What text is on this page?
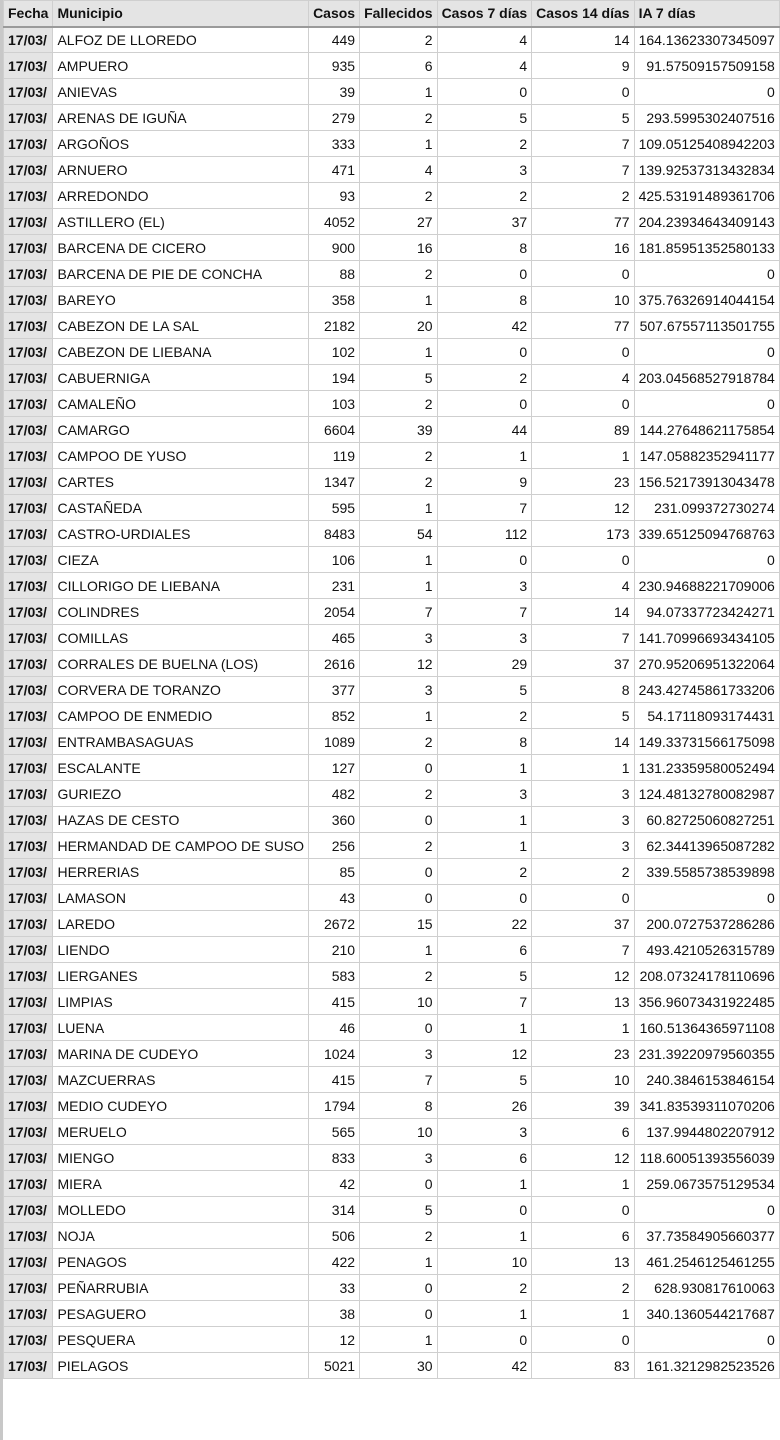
Fecha	Municipio	Casos	Fallecidos	Casos 7 días	Casos 14 días	IA 7 días
17/03/	ALFOZ DE LLOREDO	449	2	4	14	164.13623307345097
17/03/	AMPUERO	935	6	4	9	91.57509157509158
17/03/	ANIEVAS	39	1	0	0	0
17/03/	ARENAS DE IGUÑA	279	2	5	5	293.5995302407516
17/03/	ARGOÑOS	333	1	2	7	109.05125408942203
17/03/	ARNUERO	471	4	3	7	139.92537313432834
17/03/	ARREDONDO	93	2	2	2	425.53191489361706
17/03/	ASTILLERO (EL)	4052	27	37	77	204.23934643409143
17/03/	BARCENA DE CICERO	900	16	8	16	181.85951352580133
17/03/	BARCENA DE PIE DE CONCHA	88	2	0	0	0
17/03/	BAREYO	358	1	8	10	375.76326914044154
17/03/	CABEZON DE LA SAL	2182	20	42	77	507.67557113501755
17/03/	CABEZON DE LIEBANA	102	1	0	0	0
17/03/	CABUERNIGA	194	5	2	4	203.04568527918784
17/03/	CAMALEÑO	103	2	0	0	0
17/03/	CAMARGO	6604	39	44	89	144.27648621175854
17/03/	CAMPOO DE YUSO	119	2	1	1	147.05882352941177
17/03/	CARTES	1347	2	9	23	156.52173913043478
17/03/	CASTAÑEDA	595	1	7	12	231.099372730274
17/03/	CASTRO-URDIALES	8483	54	112	173	339.65125094768763
17/03/	CIEZA	106	1	0	0	0
17/03/	CILLORIGO DE LIEBANA	231	1	3	4	230.94688221709006
17/03/	COLINDRES	2054	7	7	14	94.07337723424271
17/03/	COMILLAS	465	3	3	7	141.70996693434105
17/03/	CORRALES DE BUELNA (LOS)	2616	12	29	37	270.95206951322064
17/03/	CORVERA DE TORANZO	377	3	5	8	243.42745861733206
17/03/	CAMPOO DE ENMEDIO	852	1	2	5	54.17118093174431
17/03/	ENTRAMBASAGUAS	1089	2	8	14	149.33731566175098
17/03/	ESCALANTE	127	0	1	1	131.23359580052494
17/03/	GURIEZO	482	2	3	3	124.48132780082987
17/03/	HAZAS DE CESTO	360	0	1	3	60.82725060827251
17/03/	HERMANDAD DE CAMPOO DE SUSO	256	2	1	3	62.34413965087282
17/03/	HERRERIAS	85	0	2	2	339.5585738539898
17/03/	LAMASON	43	0	0	0	0
17/03/	LAREDO	2672	15	22	37	200.0727537286286
17/03/	LIENDO	210	1	6	7	493.4210526315789
17/03/	LIERGANES	583	2	5	12	208.07324178110696
17/03/	LIMPIAS	415	10	7	13	356.96073431922485
17/03/	LUENA	46	0	1	1	160.51364365971108
17/03/	MARINA DE CUDEYO	1024	3	12	23	231.39220979560355
17/03/	MAZCUERRAS	415	7	5	10	240.3846153846154
17/03/	MEDIO CUDEYO	1794	8	26	39	341.83539311070206
17/03/	MERUELO	565	10	3	6	137.9944802207912
17/03/	MIENGO	833	3	6	12	118.60051393556039
17/03/	MIERA	42	0	1	1	259.0673575129534
17/03/	MOLLEDO	314	5	0	0	0
17/03/	NOJA	506	2	1	6	37.73584905660377
17/03/	PENAGOS	422	1	10	13	461.2546125461255
17/03/	PEÑARRUBIA	33	0	2	2	628.930817610063
17/03/	PESAGUERO	38	0	1	1	340.1360544217687
17/03/	PESQUERA	12	1	0	0	0
17/03/	PIELAGOS	5021	30	42	83	161.3212982523526
